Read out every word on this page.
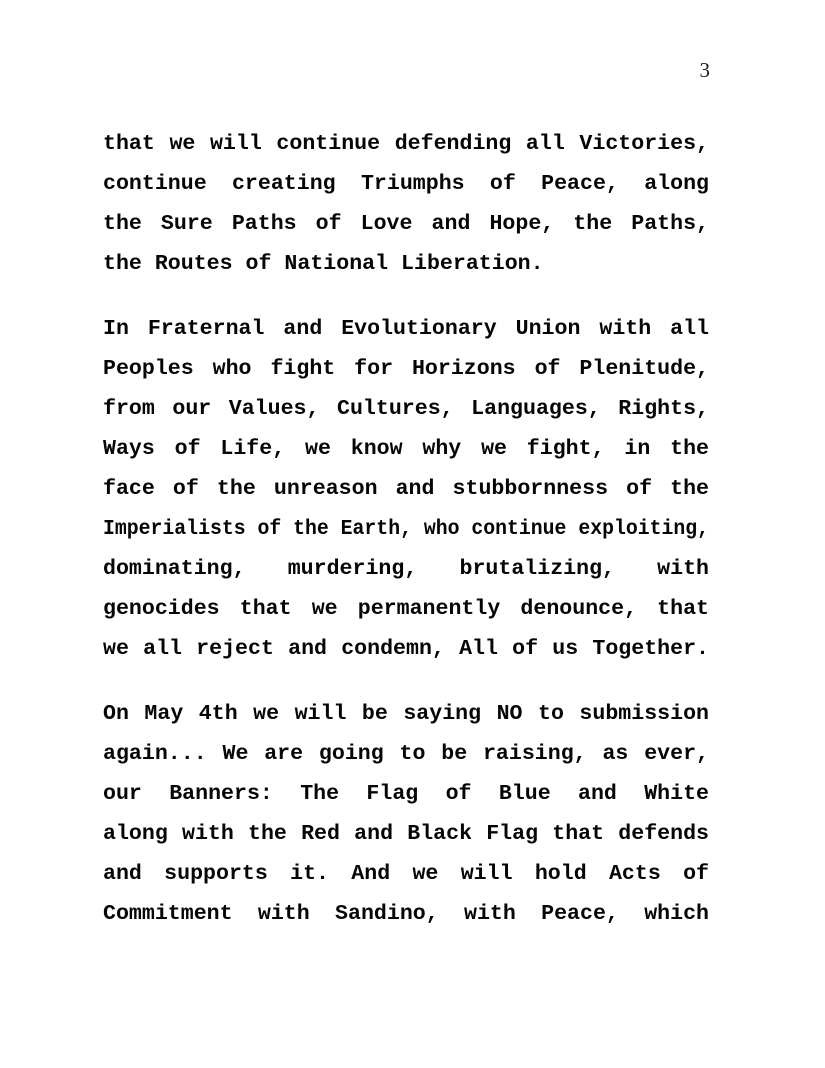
3
that we will continue defending all Victories,
continue creating Triumphs of Peace, along
the Sure Paths of Love and Hope, the Paths,
the Routes of National Liberation.
In Fraternal and Evolutionary Union with all
Peoples who fight for Horizons of Plenitude,
from our Values, Cultures, Languages, Rights,
Ways of Life, we know why we fight, in the
face of the unreason and stubbornness of the
Imperialists of the Earth, who continue exploiting,
dominating, murdering, brutalizing, with
genocides that we permanently denounce, that
we all reject and condemn, All of us Together.
On May 4th we will be saying NO to submission
again... We are going to be raising, as ever,
our Banners: The Flag of Blue and White
along with the Red and Black Flag that defends
and supports it. And we will hold Acts of
Commitment with Sandino, with Peace, which
